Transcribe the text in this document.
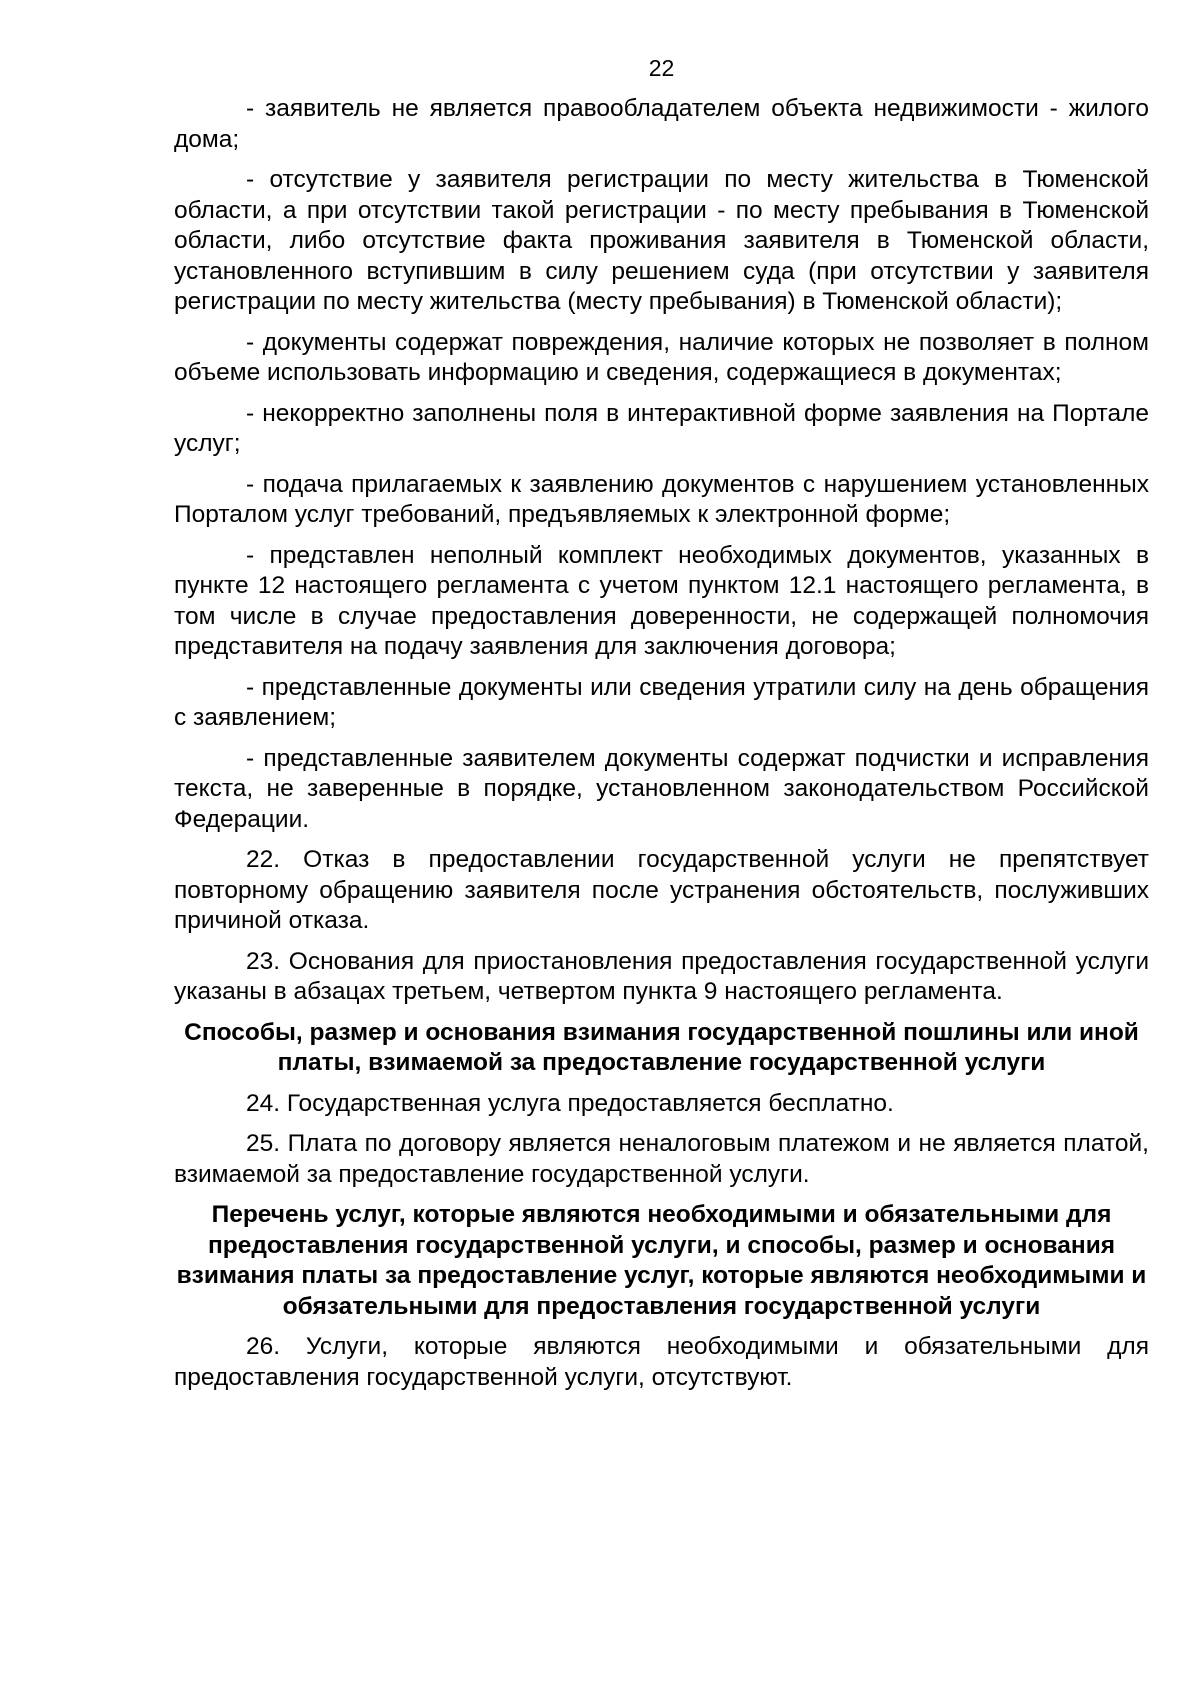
22

- заявитель не является правообладателем объекта недвижимости - жилого дома;

- отсутствие у заявителя регистрации по месту жительства в Тюменской области, а при отсутствии такой регистрации - по месту пребывания в Тюменской области, либо отсутствие факта проживания заявителя в Тюменской области, установленного вступившим в силу решением суда (при отсутствии у заявителя регистрации по месту жительства (месту пребывания) в Тюменской области);

- документы содержат повреждения, наличие которых не позволяет в полном объеме использовать информацию и сведения, содержащиеся в документах;

- некорректно заполнены поля в интерактивной форме заявления на Портале услуг;

- подача прилагаемых к заявлению документов с нарушением установленных Порталом услуг требований, предъявляемых к электронной форме;

- представлен неполный комплект необходимых документов, указанных в пункте 12 настоящего регламента с учетом пунктом 12.1 настоящего регламента, в том числе в случае предоставления доверенности, не содержащей полномочия представителя на подачу заявления для заключения договора;

- представленные документы или сведения утратили силу на день обращения с заявлением;

- представленные заявителем документы содержат подчистки и исправления текста, не заверенные в порядке, установленном законодательством Российской Федерации.

22. Отказ в предоставлении государственной услуги не препятствует повторному обращению заявителя после устранения обстоятельств, послуживших причиной отказа.

23. Основания для приостановления предоставления государственной услуги указаны в абзацах третьем, четвертом пункта 9 настоящего регламента.

Способы, размер и основания взимания государственной пошлины или иной платы, взимаемой за предоставление государственной услуги

24. Государственная услуга предоставляется бесплатно.

25. Плата по договору является неналоговым платежом и не является платой, взимаемой за предоставление государственной услуги.

Перечень услуг, которые являются необходимыми и обязательными для предоставления государственной услуги, и способы, размер и основания взимания платы за предоставление услуг, которые являются необходимыми и обязательными для предоставления государственной услуги

26. Услуги, которые являются необходимыми и обязательными для предоставления государственной услуги, отсутствуют.
